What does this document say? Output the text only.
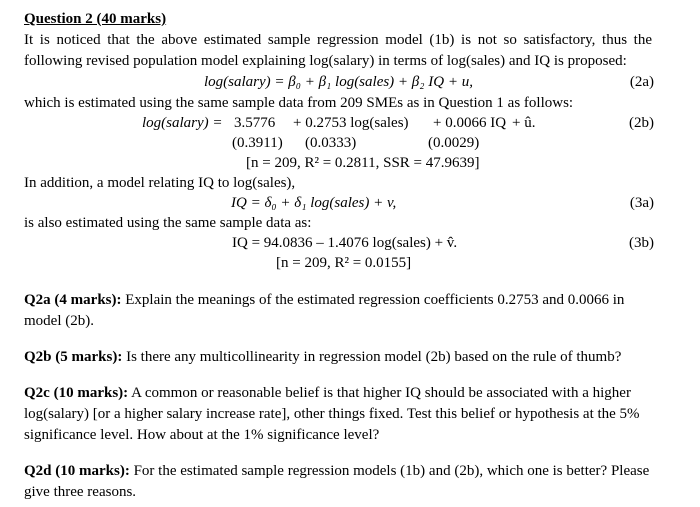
Question 2 (40 marks)
It is noticed that the above estimated sample regression model (1b) is not so satisfactory, thus the
following revised population model explaining log(salary) in terms of log(sales) and IQ is proposed:
log(salary) = β₀ + β₁ log(sales) + β₂ IQ + u,	(2a)
which is estimated using the same sample data from 209 SMEs as in Question 1 as follows:
log(salary) = 3.5776 + 0.2753 log(sales) + 0.0066 IQ + û.	(2b)
(0.3911) (0.0333)	(0.0029)
[n = 209, R² = 0.2811, SSR = 47.9639]
In addition, a model relating IQ to log(sales),
IQ = δ₀ + δ₁ log(sales) + v,	(3a)
is also estimated using the same sample data as:
IQ = 94.0836 – 1.4076 log(sales) + v̂.	(3b)
[n = 209, R² = 0.0155]
Q2a (4 marks): Explain the meanings of the estimated regression coefficients 0.2753 and 0.0066 in model (2b).
Q2b (5 marks): Is there any multicollinearity in regression model (2b) based on the rule of thumb?
Q2c (10 marks): A common or reasonable belief is that higher IQ should be associated with a higher log(salary) [or a higher salary increase rate], other things fixed. Test this belief or hypothesis at the 5% significance level. How about at the 1% significance level?
Q2d (10 marks): For the estimated sample regression models (1b) and (2b), which one is better? Please give three reasons.
